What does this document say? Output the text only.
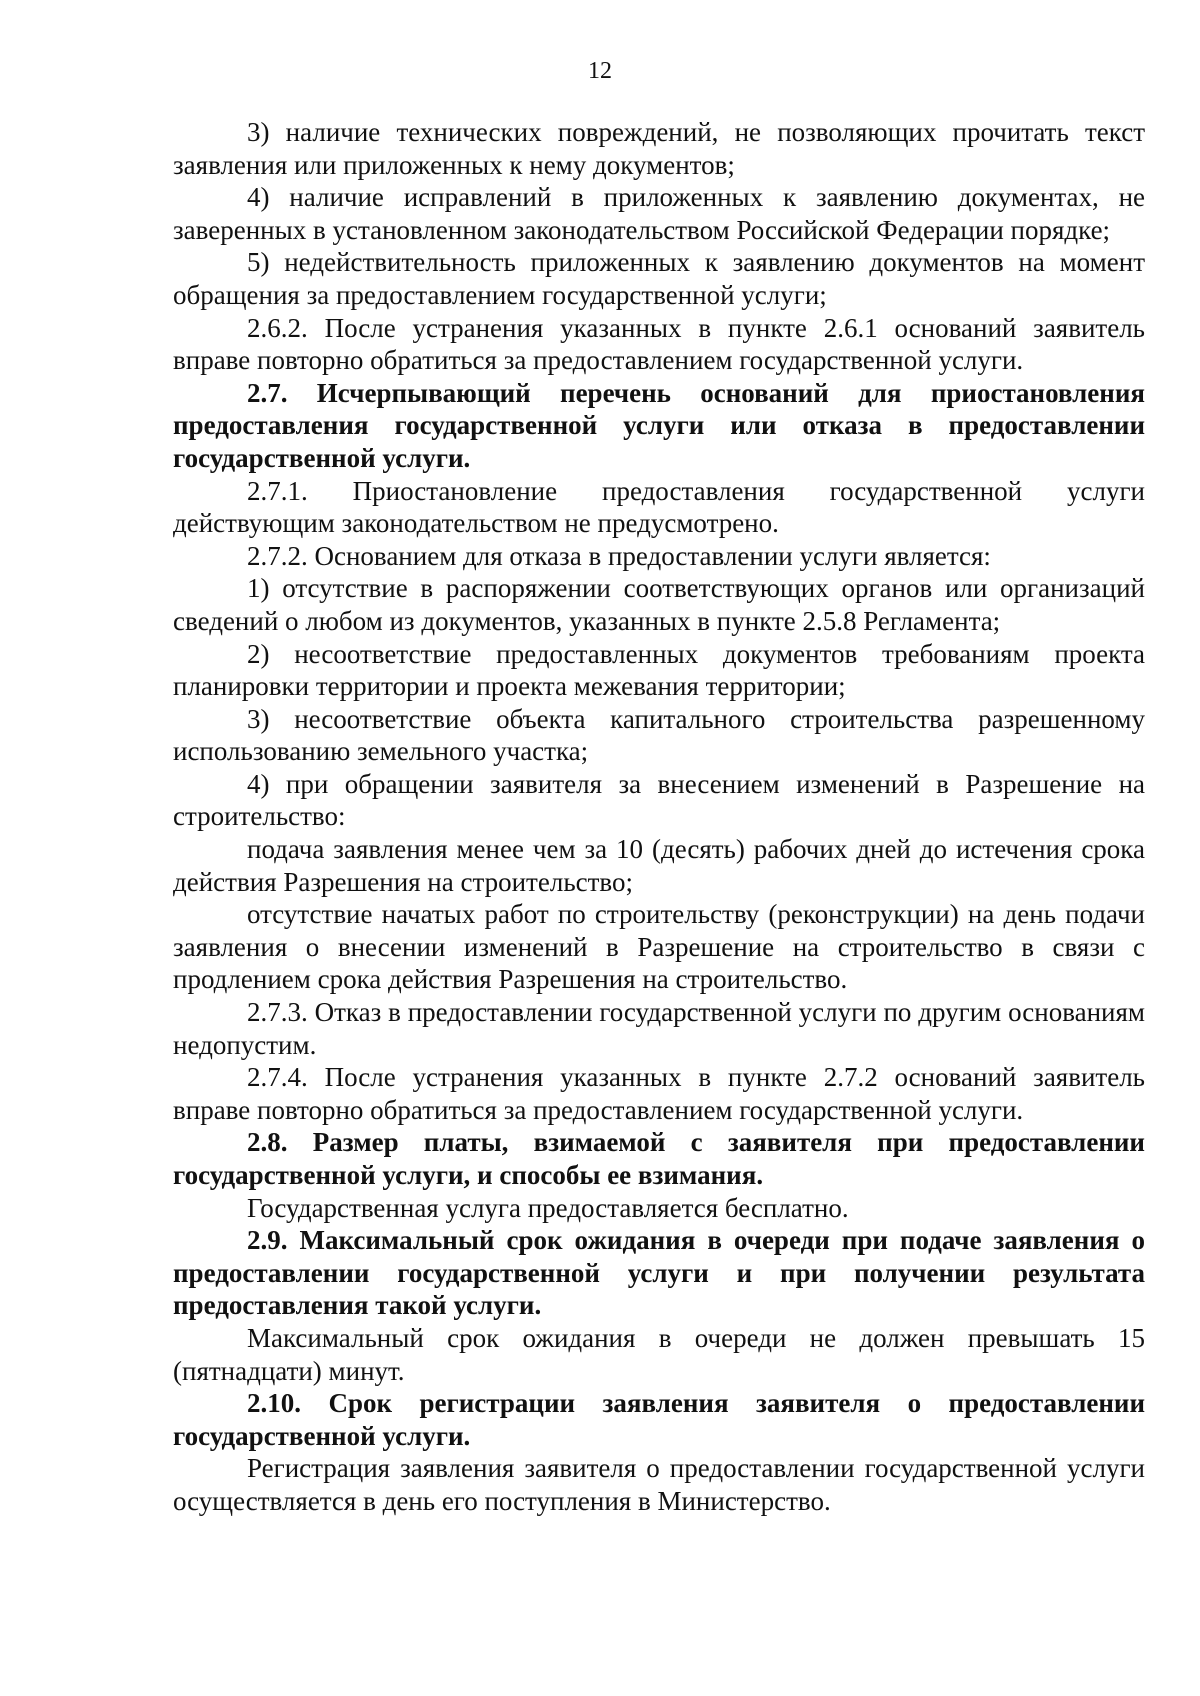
12

3) наличие технических повреждений, не позволяющих прочитать текст заявления или приложенных к нему документов;

4) наличие исправлений в приложенных к заявлению документах, не заверенных в установленном законодательством Российской Федерации порядке;

5) недействительность приложенных к заявлению документов на момент обращения за предоставлением государственной услуги;

2.6.2. После устранения указанных в пункте 2.6.1 оснований заявитель вправе повторно обратиться за предоставлением государственной услуги.

2.7. Исчерпывающий перечень оснований для приостановления предоставления государственной услуги или отказа в предоставлении государственной услуги.

2.7.1. Приостановление предоставления государственной услуги действующим законодательством не предусмотрено.

2.7.2. Основанием для отказа в предоставлении услуги является:

1) отсутствие в распоряжении соответствующих органов или организаций сведений о любом из документов, указанных в пункте 2.5.8 Регламента;

2) несоответствие предоставленных документов требованиям проекта планировки территории и проекта межевания территории;

3) несоответствие объекта капитального строительства разрешенному использованию земельного участка;

4) при обращении заявителя за внесением изменений в Разрешение на строительство:

подача заявления менее чем за 10 (десять) рабочих дней до истечения срока действия Разрешения на строительство;

отсутствие начатых работ по строительству (реконструкции) на день подачи заявления о внесении изменений в Разрешение на строительство в связи с продлением срока действия Разрешения на строительство.

2.7.3. Отказ в предоставлении государственной услуги по другим основаниям недопустим.

2.7.4. После устранения указанных в пункте 2.7.2 оснований заявитель вправе повторно обратиться за предоставлением государственной услуги.

2.8. Размер платы, взимаемой с заявителя при предоставлении государственной услуги, и способы ее взимания.

Государственная услуга предоставляется бесплатно.

2.9. Максимальный срок ожидания в очереди при подаче заявления о предоставлении государственной услуги и при получении результата предоставления такой услуги.

Максимальный срок ожидания в очереди не должен превышать 15 (пятнадцати) минут.

2.10. Срок регистрации заявления заявителя о предоставлении государственной услуги.

Регистрация заявления заявителя о предоставлении государственной услуги осуществляется в день его поступления в Министерство.
